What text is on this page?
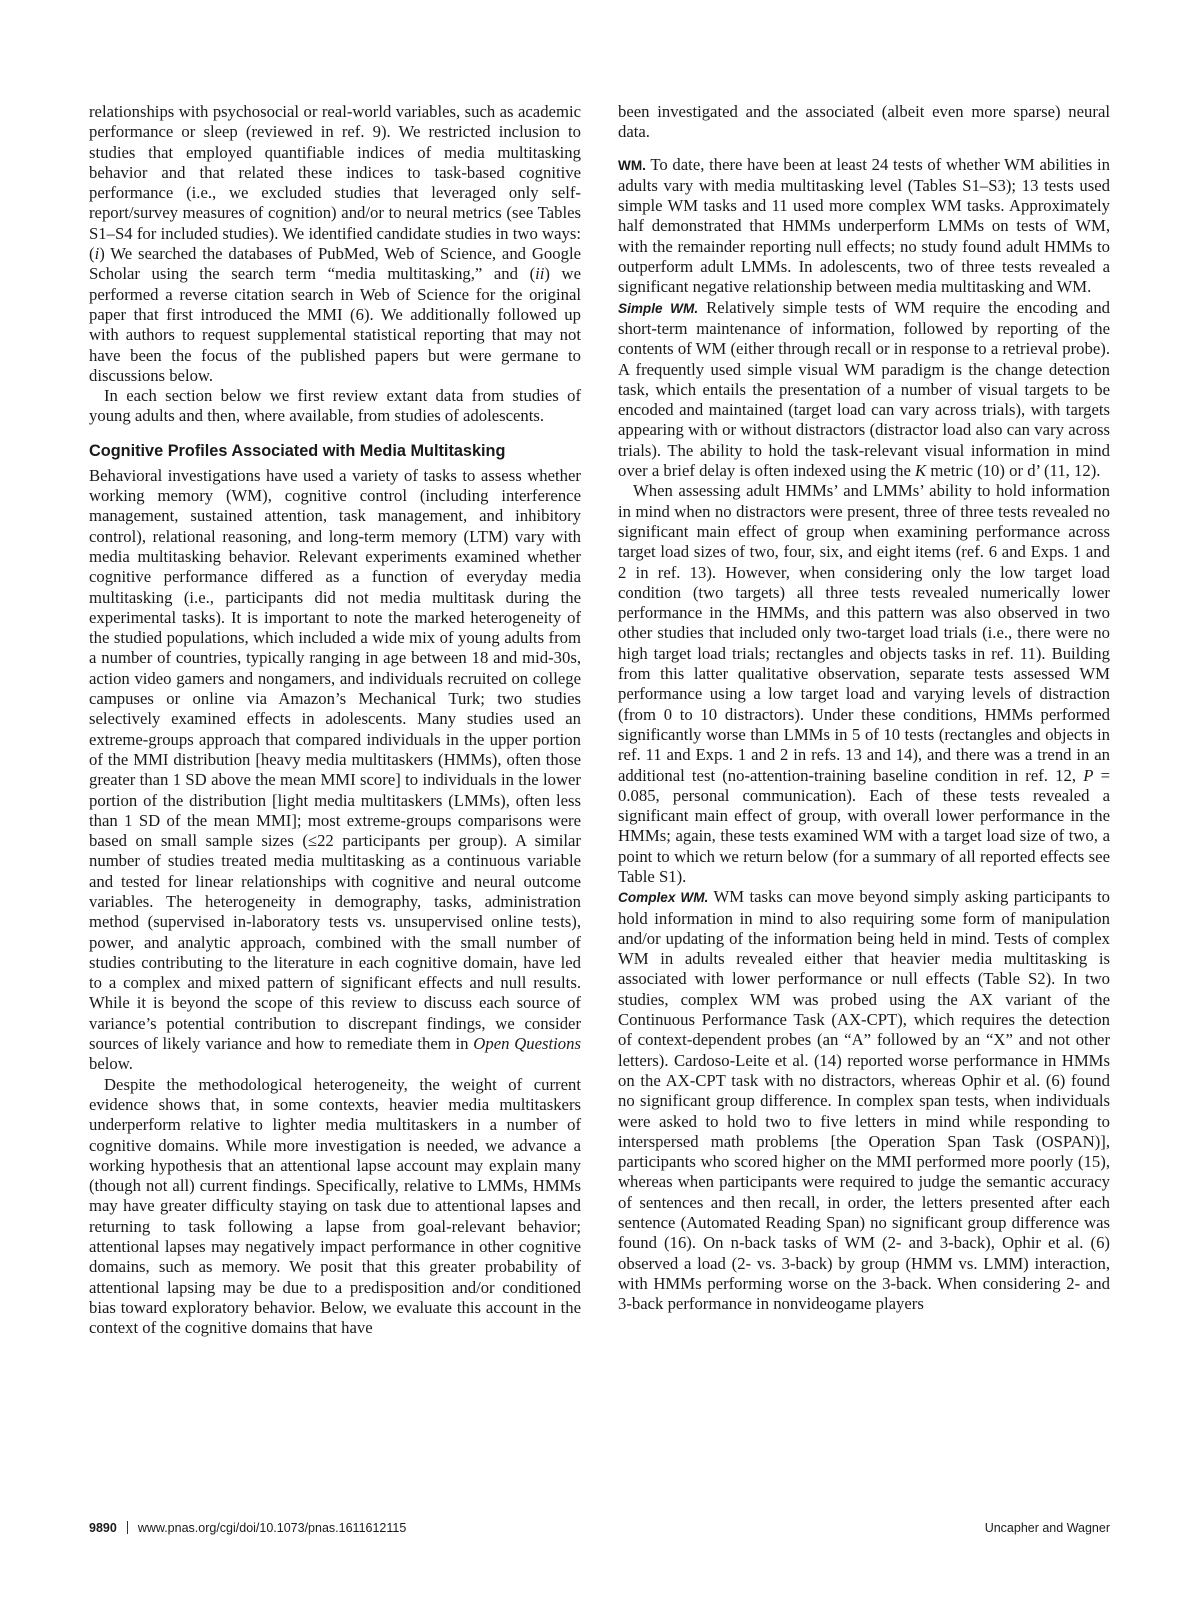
relationships with psychosocial or real-world variables, such as academic performance or sleep (reviewed in ref. 9). We restricted inclusion to studies that employed quantifiable indices of media multitasking behavior and that related these indices to task-based cognitive performance (i.e., we excluded studies that leveraged only self-report/survey measures of cognition) and/or to neural metrics (see Tables S1–S4 for included studies). We identified candidate studies in two ways: (i) We searched the databases of PubMed, Web of Science, and Google Scholar using the search term “media multitasking,” and (ii) we performed a reverse citation search in Web of Science for the original paper that first introduced the MMI (6). We additionally followed up with authors to request supplemental statistical reporting that may not have been the focus of the published papers but were germane to discussions below.

In each section below we first review extant data from studies of young adults and then, where available, from studies of adolescents.

Cognitive Profiles Associated with Media Multitasking

Behavioral investigations have used a variety of tasks to assess whether working memory (WM), cognitive control (including interference management, sustained attention, task management, and inhibitory control), relational reasoning, and long-term memory (LTM) vary with media multitasking behavior. Relevant experiments examined whether cognitive performance differed as a function of everyday media multitasking (i.e., participants did not media multitask during the experimental tasks). It is important to note the marked heterogeneity of the studied populations, which included a wide mix of young adults from a number of countries, typically ranging in age between 18 and mid-30s, action video gamers and nongamers, and individuals recruited on college campuses or online via Amazon’s Mechanical Turk; two studies selectively examined effects in adolescents. Many studies used an extreme-groups approach that compared individuals in the upper portion of the MMI distribution [heavy media multitaskers (HMMs), often those greater than 1 SD above the mean MMI score] to individuals in the lower portion of the distribution [light media multitaskers (LMMs), often less than 1 SD of the mean MMI]; most extreme-groups comparisons were based on small sample sizes (≤22 participants per group). A similar number of studies treated media multitasking as a continuous variable and tested for linear relationships with cognitive and neural outcome variables. The heterogeneity in demography, tasks, administration method (supervised in-laboratory tests vs. unsupervised online tests), power, and analytic approach, combined with the small number of studies contributing to the literature in each cognitive domain, have led to a complex and mixed pattern of significant effects and null results. While it is beyond the scope of this review to discuss each source of variance’s potential contribution to discrepant findings, we consider sources of likely variance and how to remediate them in Open Questions below.

Despite the methodological heterogeneity, the weight of current evidence shows that, in some contexts, heavier media multitaskers underperform relative to lighter media multitaskers in a number of cognitive domains. While more investigation is needed, we advance a working hypothesis that an attentional lapse account may explain many (though not all) current findings. Specifically, relative to LMMs, HMMs may have greater difficulty staying on task due to attentional lapses and returning to task following a lapse from goal-relevant behavior; attentional lapses may negatively impact performance in other cognitive domains, such as memory. We posit that this greater probability of attentional lapsing may be due to a predisposition and/or conditioned bias toward exploratory behavior. Below, we evaluate this account in the context of the cognitive domains that have

been investigated and the associated (albeit even more sparse) neural data.

WM. To date, there have been at least 24 tests of whether WM abilities in adults vary with media multitasking level (Tables S1–S3); 13 tests used simple WM tasks and 11 used more complex WM tasks. Approximately half demonstrated that HMMs underperform LMMs on tests of WM, with the remainder reporting null effects; no study found adult HMMs to outperform adult LMMs. In adolescents, two of three tests revealed a significant negative relationship between media multitasking and WM.

Simple WM. Relatively simple tests of WM require the encoding and short-term maintenance of information, followed by reporting of the contents of WM (either through recall or in response to a retrieval probe). A frequently used simple visual WM paradigm is the change detection task, which entails the presentation of a number of visual targets to be encoded and maintained (target load can vary across trials), with targets appearing with or without distractors (distractor load also can vary across trials). The ability to hold the task-relevant visual information in mind over a brief delay is often indexed using the K metric (10) or d’ (11, 12).

When assessing adult HMMs’ and LMMs’ ability to hold information in mind when no distractors were present, three of three tests revealed no significant main effect of group when examining performance across target load sizes of two, four, six, and eight items (ref. 6 and Exps. 1 and 2 in ref. 13). However, when considering only the low target load condition (two targets) all three tests revealed numerically lower performance in the HMMs, and this pattern was also observed in two other studies that included only two-target load trials (i.e., there were no high target load trials; rectangles and objects tasks in ref. 11). Building from this latter qualitative observation, separate tests assessed WM performance using a low target load and varying levels of distraction (from 0 to 10 distractors). Under these conditions, HMMs performed significantly worse than LMMs in 5 of 10 tests (rectangles and objects in ref. 11 and Exps. 1 and 2 in refs. 13 and 14), and there was a trend in an additional test (no-attention-training baseline condition in ref. 12, P = 0.085, personal communication). Each of these tests revealed a significant main effect of group, with overall lower performance in the HMMs; again, these tests examined WM with a target load size of two, a point to which we return below (for a summary of all reported effects see Table S1).

Complex WM. WM tasks can move beyond simply asking participants to hold information in mind to also requiring some form of manipulation and/or updating of the information being held in mind. Tests of complex WM in adults revealed either that heavier media multitasking is associated with lower performance or null effects (Table S2). In two studies, complex WM was probed using the AX variant of the Continuous Performance Task (AX-CPT), which requires the detection of context-dependent probes (an “A” followed by an “X” and not other letters). Cardoso-Leite et al. (14) reported worse performance in HMMs on the AX-CPT task with no distractors, whereas Ophir et al. (6) found no significant group difference. In complex span tests, when individuals were asked to hold two to five letters in mind while responding to interspersed math problems [the Operation Span Task (OSPAN)], participants who scored higher on the MMI performed more poorly (15), whereas when participants were required to judge the semantic accuracy of sentences and then recall, in order, the letters presented after each sentence (Automated Reading Span) no significant group difference was found (16). On n-back tasks of WM (2- and 3-back), Ophir et al. (6) observed a load (2- vs. 3-back) by group (HMM vs. LMM) interaction, with HMMs performing worse on the 3-back. When considering 2- and 3-back performance in nonvideogame players

9890 www.pnas.org/cgi/doi/10.1073/pnas.1611612115	Uncapher and Wagner
